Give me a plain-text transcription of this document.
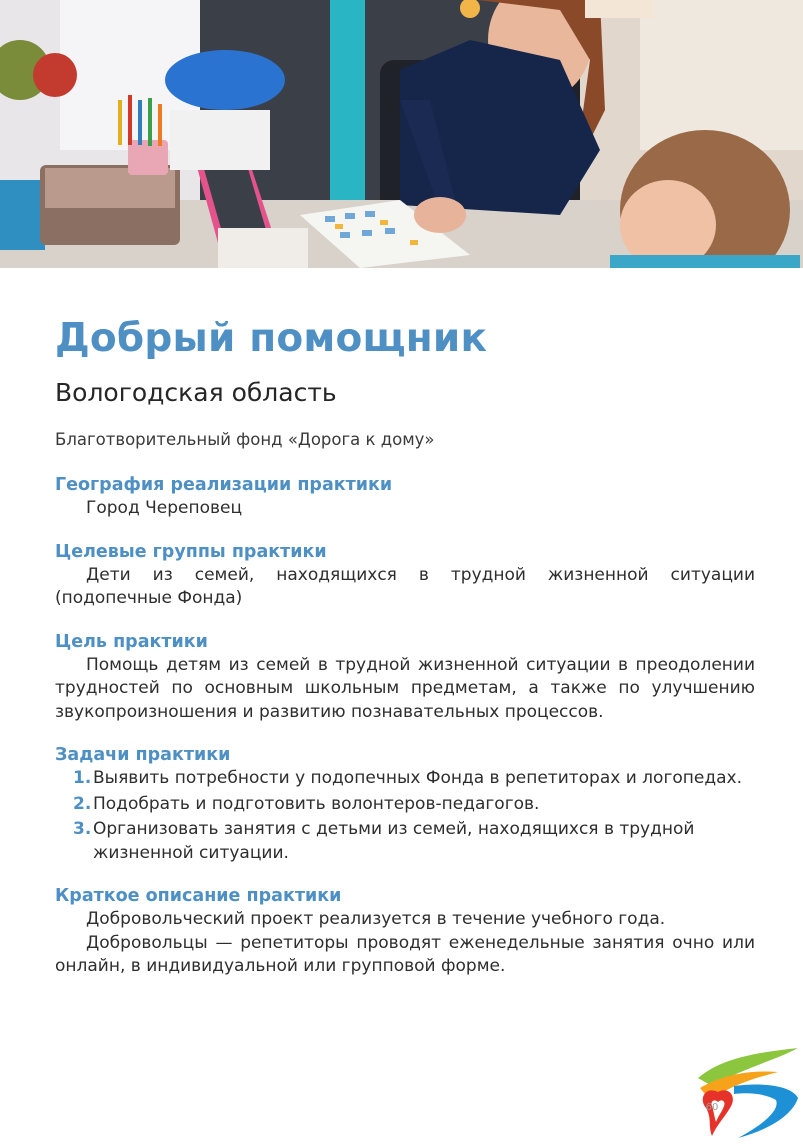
Добрый помощник

Вологодская область

Благотворительный фонд «Дорога к дому»

География реализации практики

Город Череповец

Целевые группы практики

Дети из семей, находящихся в трудной жизненной ситуации (подопечные Фонда)

Цель практики

Помощь детям из семей в трудной жизненной ситуации в преодолении трудностей по основным школьным предметам, а также по улучшению звукопроизношения и развитию познавательных процессов.

Задачи практики
1. Выявить потребности у подопечных Фонда в репетиторах и логопедах.
2. Подобрать и подготовить волонтеров-педагогов.
3. Организовать занятия с детьми из семей, находящихся в трудной жизненной ситуации.
Краткое описание практики

Добровольческий проект реализуется в течение учебного года.

Добровольцы — репетиторы проводят еженедельные занятия очно или онлайн, в индивидуальной или групповой форме.

60
